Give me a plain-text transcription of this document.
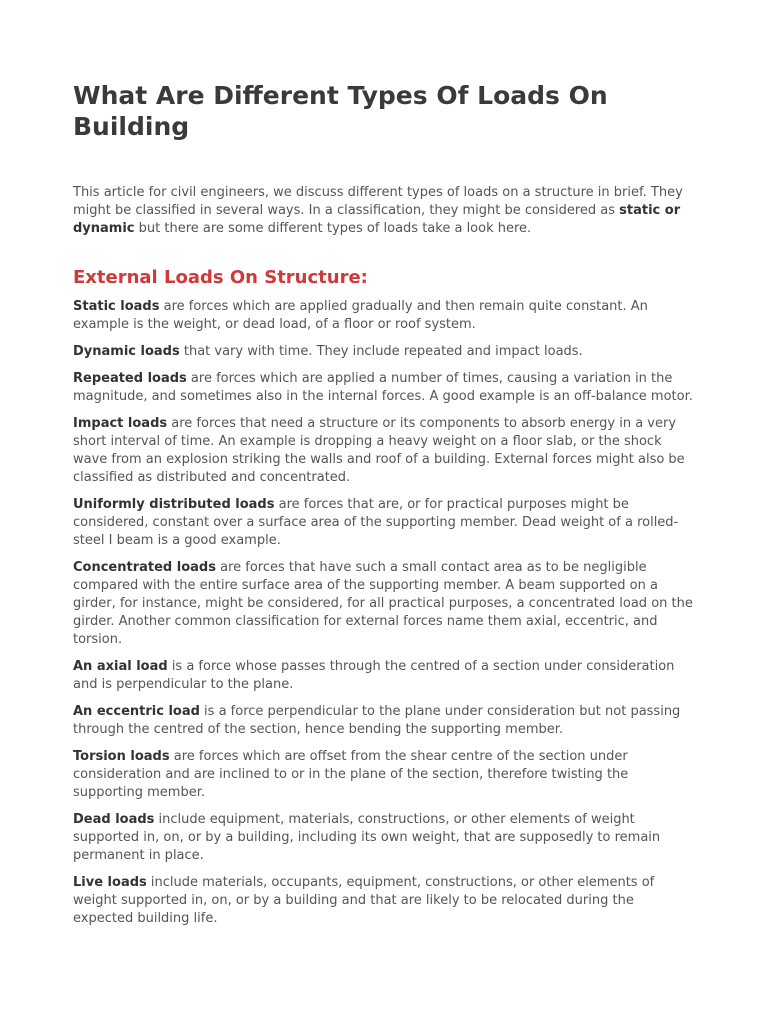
What Are Different Types Of Loads On Building

This article for civil engineers, we discuss different types of loads on a structure in brief. They might be classified in several ways. In a classification, they might be considered as static or dynamic but there are some different types of loads take a look here.

External Loads On Structure:

Static loads are forces which are applied gradually and then remain quite constant. An example is the weight, or dead load, of a floor or roof system.

Dynamic loads that vary with time. They include repeated and impact loads.

Repeated loads are forces which are applied a number of times, causing a variation in the magnitude, and sometimes also in the internal forces. A good example is an off-balance motor.

Impact loads are forces that need a structure or its components to absorb energy in a very short interval of time. An example is dropping a heavy weight on a floor slab, or the shock wave from an explosion striking the walls and roof of a building. External forces might also be classified as distributed and concentrated.

Uniformly distributed loads are forces that are, or for practical purposes might be considered, constant over a surface area of the supporting member. Dead weight of a rolled-steel I beam is a good example.

Concentrated loads are forces that have such a small contact area as to be negligible compared with the entire surface area of the supporting member. A beam supported on a girder, for instance, might be considered, for all practical purposes, a concentrated load on the girder. Another common classification for external forces name them axial, eccentric, and torsion.

An axial load is a force whose passes through the centred of a section under consideration and is perpendicular to the plane.

An eccentric load is a force perpendicular to the plane under consideration but not passing through the centred of the section, hence bending the supporting member.

Torsion loads are forces which are offset from the shear centre of the section under consideration and are inclined to or in the plane of the section, therefore twisting the supporting member.

Dead loads include equipment, materials, constructions, or other elements of weight supported in, on, or by a building, including its own weight, that are supposedly to remain permanent in place.

Live loads include materials, occupants, equipment, constructions, or other elements of weight supported in, on, or by a building and that are likely to be relocated during the expected building life.
